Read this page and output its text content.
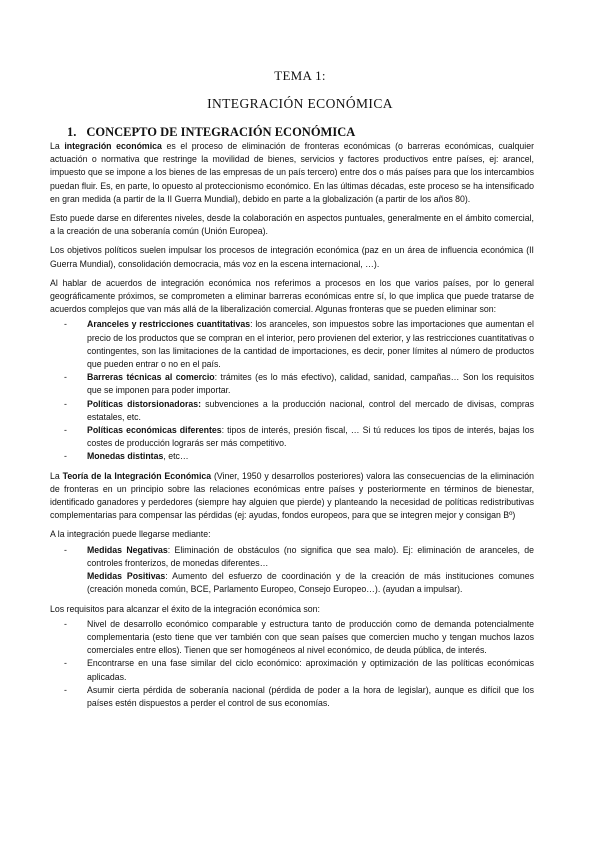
TEMA 1:
INTEGRACIÓN ECONÓMICA
1. CONCEPTO DE INTEGRACIÓN ECONÓMICA

La integración económica es el proceso de eliminación de fronteras económicas (o barreras económicas, cualquier actuación o normativa que restringe la movilidad de bienes, servicios y factores productivos entre países, ej: arancel, impuesto que se impone a los bienes de las empresas de un país tercero) entre dos o más países para que los intercambios puedan fluir. Es, en parte, lo opuesto al proteccionismo económico. En las últimas décadas, este proceso se ha intensificado en gran medida (a partir de la II Guerra Mundial), debido en parte a la globalización (a partir de los años 80).

Esto puede darse en diferentes niveles, desde la colaboración en aspectos puntuales, generalmente en el ámbito comercial, a la creación de una soberanía común (Unión Europea).

Los objetivos políticos suelen impulsar los procesos de integración económica (paz en un área de influencia económica (II Guerra Mundial), consolidación democracia, más voz en la escena internacional, …).

Al hablar de acuerdos de integración económica nos referimos a procesos en los que varios países, por lo general geográficamente próximos, se comprometen a eliminar barreras económicas entre sí, lo que implica que puede tratarse de acuerdos complejos que van más allá de la liberalización comercial. Algunas fronteras que se pueden eliminar son:

- Aranceles y restricciones cuantitativas: los aranceles, son impuestos sobre las importaciones que aumentan el precio de los productos que se compran en el interior, pero provienen del exterior, y las restricciones cuantitativas o contingentes, son las limitaciones de la cantidad de importaciones, es decir, poner límites al número de productos que pueden entrar o no en el país.
- Barreras técnicas al comercio: trámites (es lo más efectivo), calidad, sanidad, campañas… Son los requisitos que se imponen para poder importar.
- Políticas distorsionadoras: subvenciones a la producción nacional, control del mercado de divisas, compras estatales, etc.
- Políticas económicas diferentes: tipos de interés, presión fiscal, … Si tú reduces los tipos de interés, bajas los costes de producción lograrás ser más competitivo.
- Monedas distintas, etc…

La Teoría de la Integración Económica (Viner, 1950 y desarrollos posteriores) valora las consecuencias de la eliminación de fronteras en un principio sobre las relaciones económicas entre países y posteriormente en términos de bienestar, identificado ganadores y perdedores (siempre hay alguien que pierde) y planteando la necesidad de políticas redistributivas complementarias para compensar las pérdidas (ej: ayudas, fondos europeos, para que se integren mejor y consigan Bº)

A la integración puede llegarse mediante:

- Medidas Negativas: Eliminación de obstáculos (no significa que sea malo). Ej: eliminación de aranceles, de controles fronterizos, de monedas diferentes…
Medidas Positivas: Aumento del esfuerzo de coordinación y de la creación de más instituciones comunes (creación moneda común, BCE, Parlamento Europeo, Consejo Europeo…). (ayudan a impulsar).

Los requisitos para alcanzar el éxito de la integración económica son:

- Nivel de desarrollo económico comparable y estructura tanto de producción como de demanda potencialmente complementaria (esto tiene que ver también con que sean países que comercien mucho y tengan muchos lazos comerciales entre ellos). Tienen que ser homogéneos al nivel económico, de deuda pública, de interés.
- Encontrarse en una fase similar del ciclo económico: aproximación y optimización de las políticas económicas aplicadas.
- Asumir cierta pérdida de soberanía nacional (pérdida de poder a la hora de legislar), aunque es difícil que los países estén dispuestos a perder el control de sus economías.
